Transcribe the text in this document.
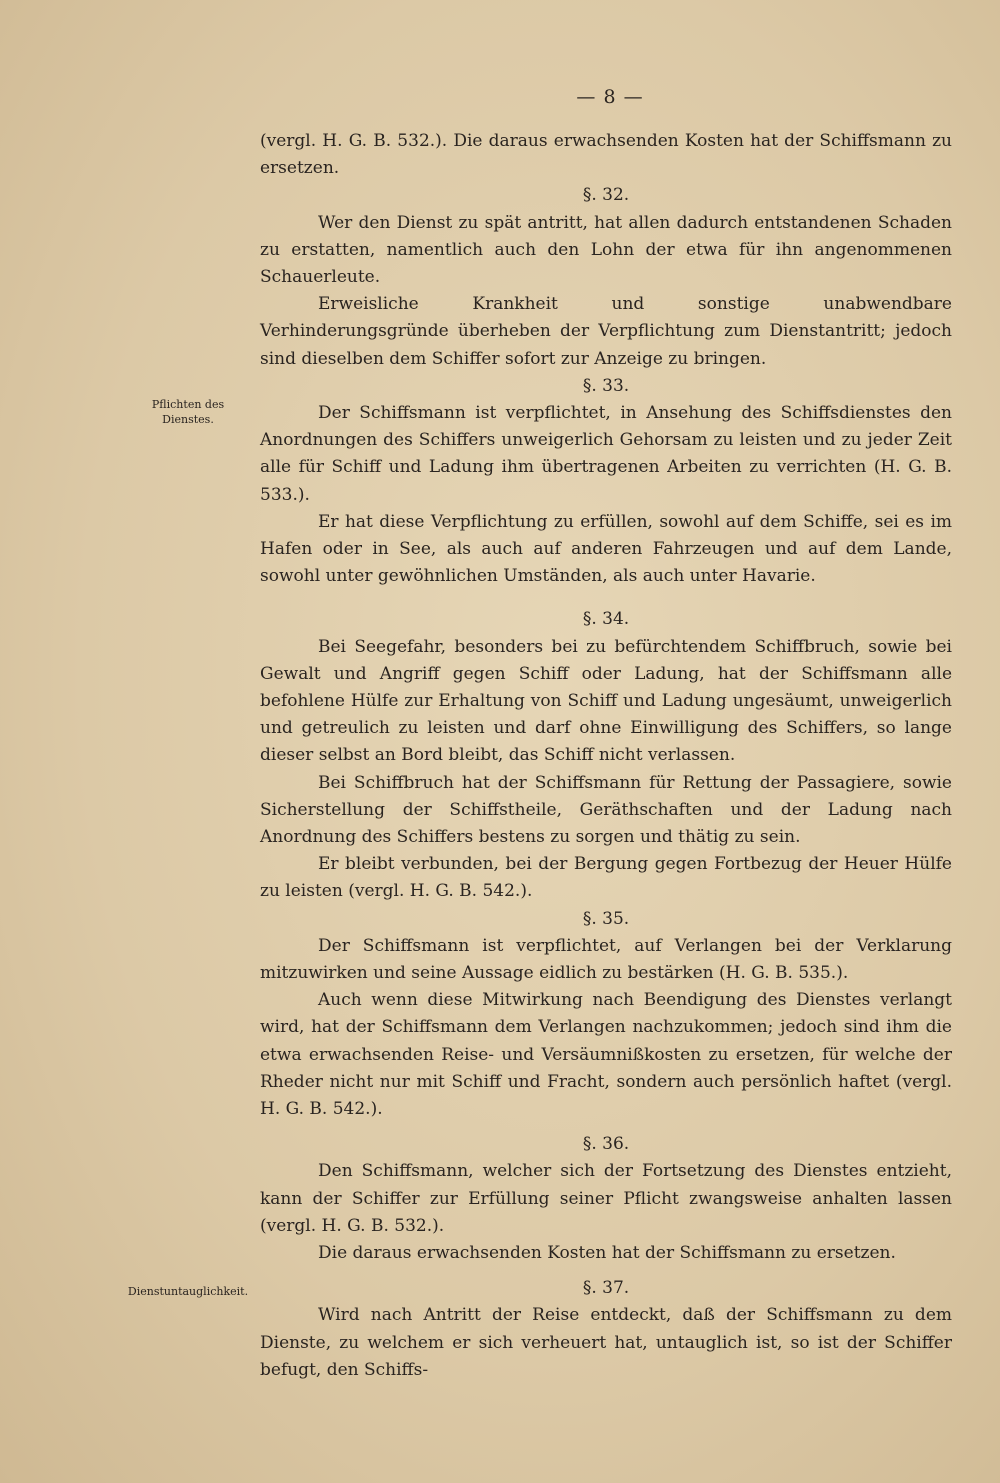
— 8 —
Pflichten des
Dienstes.
Dienstuntauglichkeit.

(vergl. H. G. B. 532.). Die daraus erwachsenden Kosten hat der Schiffsmann zu ersetzen.

§. 32.

Wer den Dienst zu spät antritt, hat allen dadurch entstandenen Schaden zu erstatten, namentlich auch den Lohn der etwa für ihn angenommenen Schauerleute.

Erweisliche Krankheit und sonstige unabwendbare Verhinderungsgründe überheben der Verpflichtung zum Dienstantritt; jedoch sind dieselben dem Schiffer sofort zur Anzeige zu bringen.

§. 33.

Der Schiffsmann ist verpflichtet, in Ansehung des Schiffsdienstes den Anordnungen des Schiffers unweigerlich Gehorsam zu leisten und zu jeder Zeit alle für Schiff und Ladung ihm übertragenen Arbeiten zu verrichten (H. G. B. 533.).

Er hat diese Verpflichtung zu erfüllen, sowohl auf dem Schiffe, sei es im Hafen oder in See, als auch auf anderen Fahrzeugen und auf dem Lande, sowohl unter gewöhnlichen Umständen, als auch unter Havarie.

§. 34.

Bei Seegefahr, besonders bei zu befürchtendem Schiffbruch, sowie bei Gewalt und Angriff gegen Schiff oder Ladung, hat der Schiffsmann alle befohlene Hülfe zur Erhaltung von Schiff und Ladung ungesäumt, unweigerlich und getreulich zu leisten und darf ohne Einwilligung des Schiffers, so lange dieser selbst an Bord bleibt, das Schiff nicht verlassen.

Bei Schiffbruch hat der Schiffsmann für Rettung der Passagiere, sowie Sicherstellung der Schiffstheile, Geräthschaften und der Ladung nach Anordnung des Schiffers bestens zu sorgen und thätig zu sein.

Er bleibt verbunden, bei der Bergung gegen Fortbezug der Heuer Hülfe zu leisten (vergl. H. G. B. 542.).

§. 35.

Der Schiffsmann ist verpflichtet, auf Verlangen bei der Verklarung mitzuwirken und seine Aussage eidlich zu bestärken (H. G. B. 535.).

Auch wenn diese Mitwirkung nach Beendigung des Dienstes verlangt wird, hat der Schiffsmann dem Verlangen nachzukommen; jedoch sind ihm die etwa erwachsenden Reise- und Versäumnißkosten zu ersetzen, für welche der Rheder nicht nur mit Schiff und Fracht, sondern auch persönlich haftet (vergl. H. G. B. 542.).

§. 36.

Den Schiffsmann, welcher sich der Fortsetzung des Dienstes entzieht, kann der Schiffer zur Erfüllung seiner Pflicht zwangsweise anhalten lassen (vergl. H. G. B. 532.).

Die daraus erwachsenden Kosten hat der Schiffsmann zu ersetzen.

§. 37.

Wird nach Antritt der Reise entdeckt, daß der Schiffsmann zu dem Dienste, zu welchem er sich verheuert hat, untauglich ist, so ist der Schiffer befugt, den Schiffs-
